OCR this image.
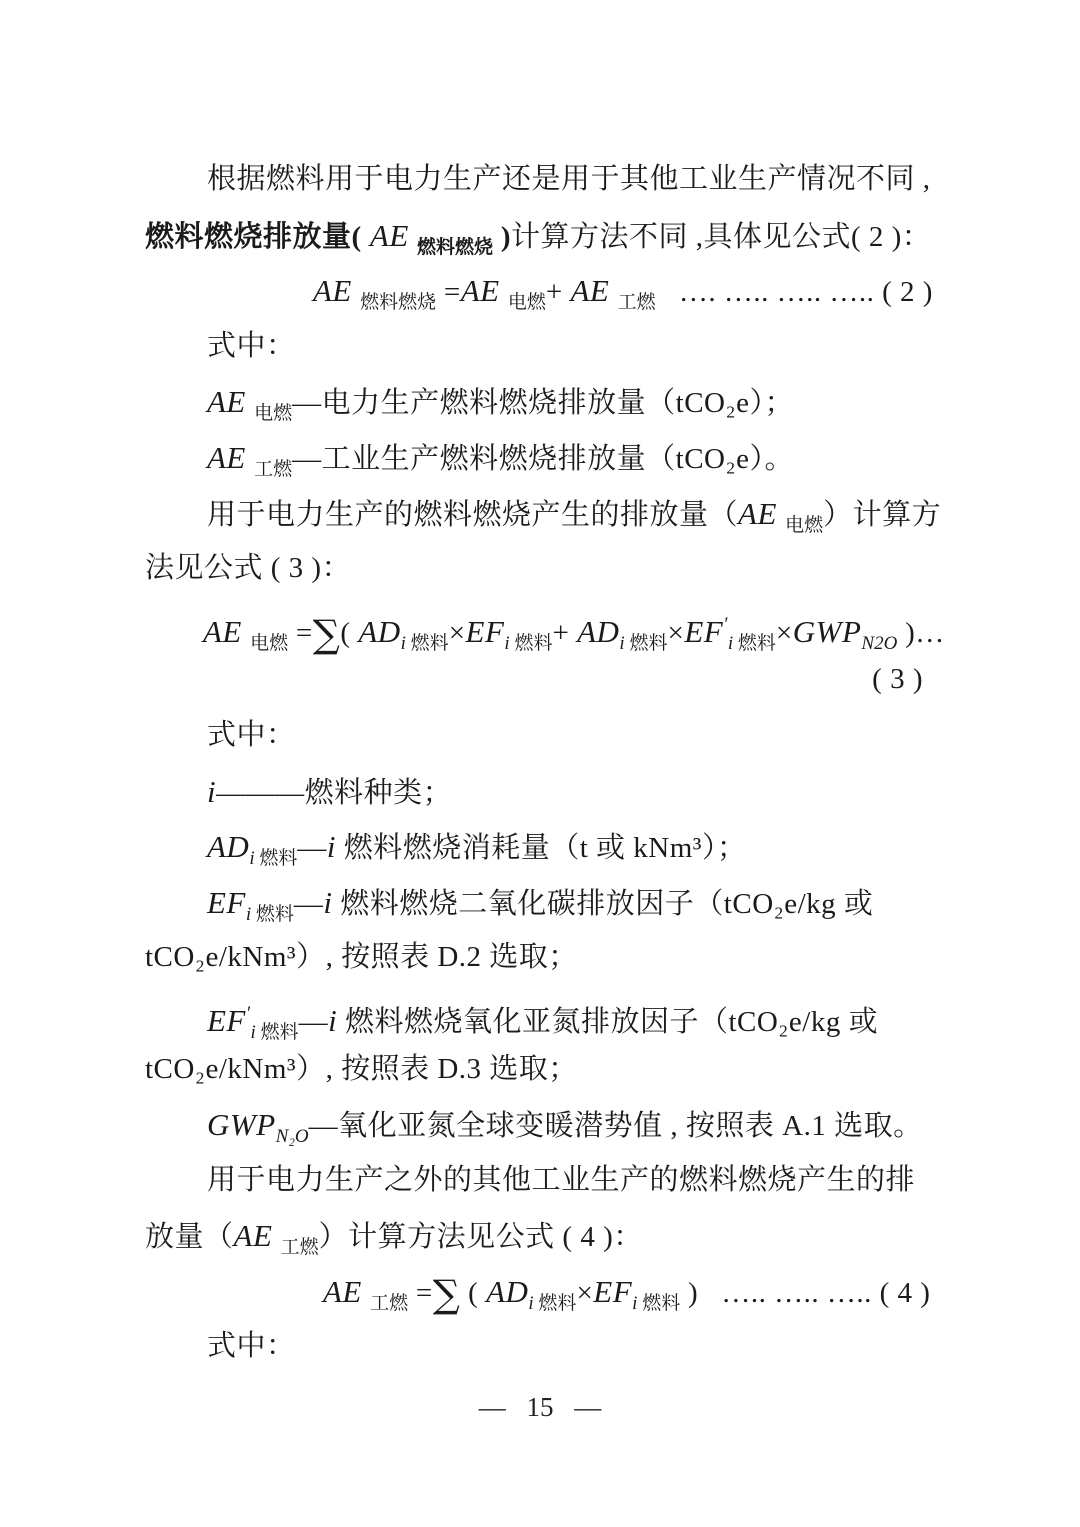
根据燃料用于电力生产还是用于其他工业生产情况不同 ,
燃料燃烧排放量( AE $_{燃料燃烧}$ )计算方法不同 ,具体见公式( 2 )：
AE $_{燃料燃烧}$ =AE $_{电燃}$+ AE $_{工燃}$   …. ….. ….. ….. ( 2 )
式中：
AE $_{电燃}$—电力生产燃料燃烧排放量（tCO₂e）；
AE $_{工燃}$—工业生产燃料燃烧排放量（tCO₂e）。
用于电力生产的燃料燃烧产生的排放量（AE $_{电燃}$）计算方
法见公式 ( 3 )：
AE $_{电燃}$ =∑( $AD_i$ $_{燃料}\times EF_i$ $_{燃料}+ AD_i$ $_{燃料}\times EF'_i$ $_{燃料}\times GWP_{N2O}$ )…
( 3 )
式中：
i———燃料种类；
$AD_i$ $_{燃料}$—i 燃料燃烧消耗量（t 或 kNm³）；
$EF_i$ $_{燃料}$—i 燃料燃烧二氧化碳排放因子（tCO₂e/kg 或
tCO₂e/kNm³）, 按照表 D.2 选取；
$EF'_i$ $_{燃料}$—i 燃料燃烧氧化亚氮排放因子（tCO₂e/kg 或
tCO₂e/kNm³）, 按照表 D.3 选取；
$GWP_{N_2O}—$氧化亚氮全球变暖潜势值 , 按照表 A.1 选取。
用于电力生产之外的其他工业生产的燃料燃烧产生的排
放量（AE $_{工燃}$）计算方法见公式 ( 4 )：
AE $_{工燃}$ =∑ ( $AD_i$ $_{燃料}\times EF_i$ $_{燃料}$ )   ….. ….. ….. ( 4 )
式中：
— 15 —
